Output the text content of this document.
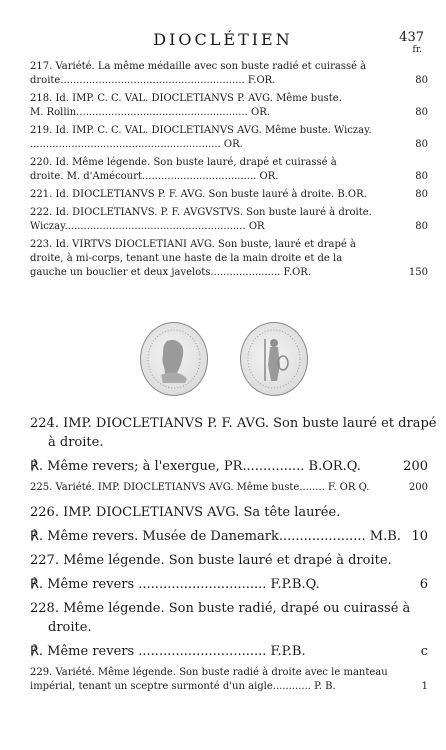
DIOCLÉTIEN	437
fr.
217. Variété. La même médaille avec son buste radié et cuirassé à
droite.......................................................... F.OR.	80
218. Id. IMP. C. C. VAL. DIOCLETIANVS P. AVG. Même buste.
M. Rollin...................................................... OR.	80
219. Id. IMP. C. C. VAL. DIOCLETIANVS AVG. Même buste. Wiczay.
............................................................ OR.	80
220. Id. Même légende. Son buste lauré, drapé et cuirassé à
droite. M. d'Amécourt.................................... OR.	80
221. Id. DIOCLETIANVS P. F. AVG. Son buste lauré à droite. B.OR.	80
222. Id. DIOCLETIANVS. P. F. AVGVSTVS. Son buste lauré à droite.
Wiczay......................................................... OR	80
223. Id. VIRTVS DIOCLETIANI AVG. Son buste, lauré et drapé à
droite, à mi-corps, tenant une haste de la main droite et de la
gauche un bouclier et deux javelots...................... F.OR.	150
224. IMP. DIOCLETIANVS P. F. AVG. Son buste lauré et drapé
à droite.
℟. Même revers; à l'exergue, PR............... B.OR.Q.	200
225. Variété. IMP. DIOCLETIANVS AVG. Même buste........ F. OR Q.	200
226. IMP. DIOCLETIANVS AVG. Sa tête laurée.
℟. Même revers. Musée de Danemark..................... M.B. 10
227. Même légende. Son buste lauré et drapé à droite.
℟. Même revers ............................... F.P.B.Q.	6
228. Même légende. Son buste radié, drapé ou cuirassé à
droite.
℟. Même revers ............................... F.P.B.	c
229. Variété. Même légende. Son buste radié à droite avec le manteau
impérial, tenant un sceptre surmonté d'un aigle............ P. B.	1
